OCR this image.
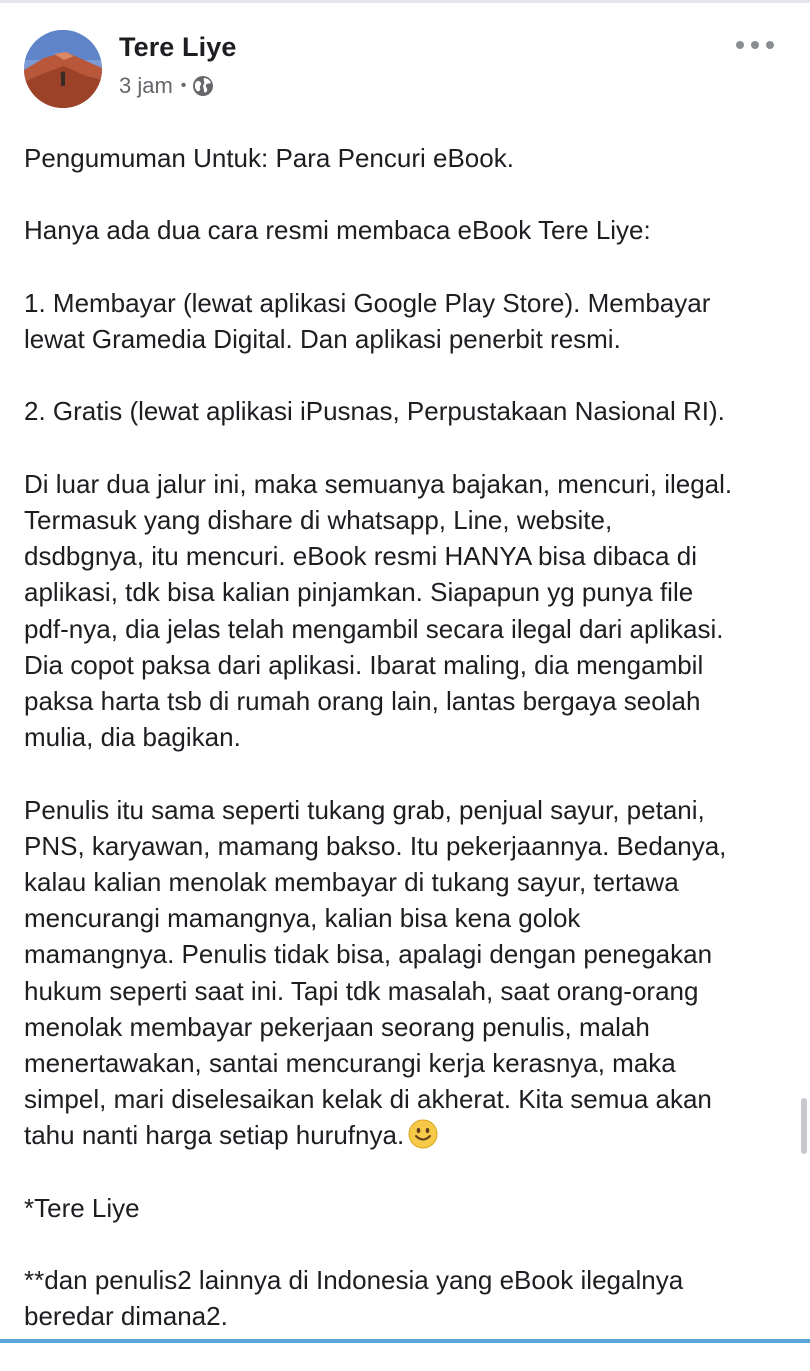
Tere Liye
3 jam •

Pengumuman Untuk: Para Pencuri eBook.

Hanya ada dua cara resmi membaca eBook Tere Liye:

1. Membayar (lewat aplikasi Google Play Store). Membayar
lewat Gramedia Digital. Dan aplikasi penerbit resmi.

2. Gratis (lewat aplikasi iPusnas, Perpustakaan Nasional RI).

Di luar dua jalur ini, maka semuanya bajakan, mencuri, ilegal.
Termasuk yang dishare di whatsapp, Line, website,
dsdbgnya, itu mencuri. eBook resmi HANYA bisa dibaca di
aplikasi, tdk bisa kalian pinjamkan. Siapapun yg punya file
pdf-nya, dia jelas telah mengambil secara ilegal dari aplikasi.
Dia copot paksa dari aplikasi. Ibarat maling, dia mengambil
paksa harta tsb di rumah orang lain, lantas bergaya seolah
mulia, dia bagikan.

Penulis itu sama seperti tukang grab, penjual sayur, petani,
PNS, karyawan, mamang bakso. Itu pekerjaannya. Bedanya,
kalau kalian menolak membayar di tukang sayur, tertawa
mencurangi mamangnya, kalian bisa kena golok
mamangnya. Penulis tidak bisa, apalagi dengan penegakan
hukum seperti saat ini. Tapi tdk masalah, saat orang-orang
menolak membayar pekerjaan seorang penulis, malah
menertawakan, santai mencurangi kerja kerasnya, maka
simpel, mari diselesaikan kelak di akherat. Kita semua akan
tahu nanti harga setiap hurufnya.

*Tere Liye

**dan penulis2 lainnya di Indonesia yang eBook ilegalnya
beredar dimana2.
